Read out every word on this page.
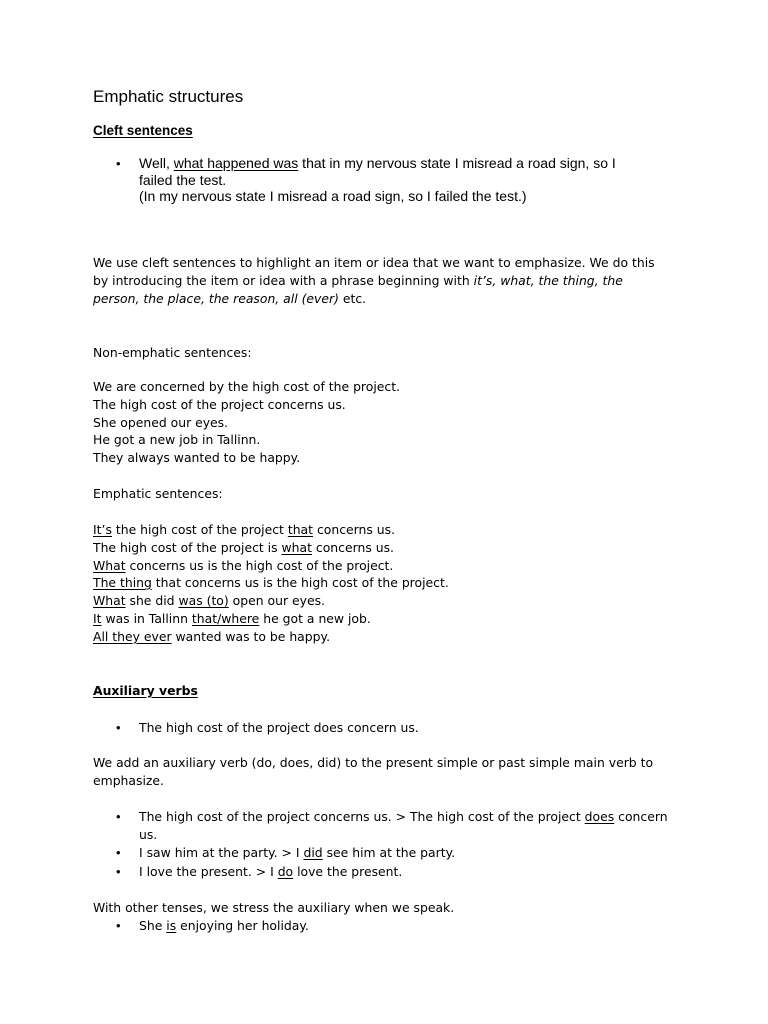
Emphatic structures
Cleft sentences
• Well, what happened was that in my nervous state I misread a road sign, so I
failed the test.
(In my nervous state I misread a road sign, so I failed the test.)
We use cleft sentences to highlight an item or idea that we want to emphasize. We do this
by introducing the item or idea with a phrase beginning with it’s, what, the thing, the
person, the place, the reason, all (ever) etc.
Non-emphatic sentences:
We are concerned by the high cost of the project.
The high cost of the project concerns us.
She opened our eyes.
He got a new job in Tallinn.
They always wanted to be happy.
Emphatic sentences:
It’s the high cost of the project that concerns us.
The high cost of the project is what concerns us.
What concerns us is the high cost of the project.
The thing that concerns us is the high cost of the project.
What she did was (to) open our eyes.
It was in Tallinn that/where he got a new job.
All they ever wanted was to be happy.
Auxiliary verbs
• The high cost of the project does concern us.
We add an auxiliary verb (do, does, did) to the present simple or past simple main verb to
emphasize.
• The high cost of the project concerns us. > The high cost of the project does concern
us.
• I saw him at the party. > I did see him at the party.
• I love the present. > I do love the present.
With other tenses, we stress the auxiliary when we speak.
• She is enjoying her holiday.
